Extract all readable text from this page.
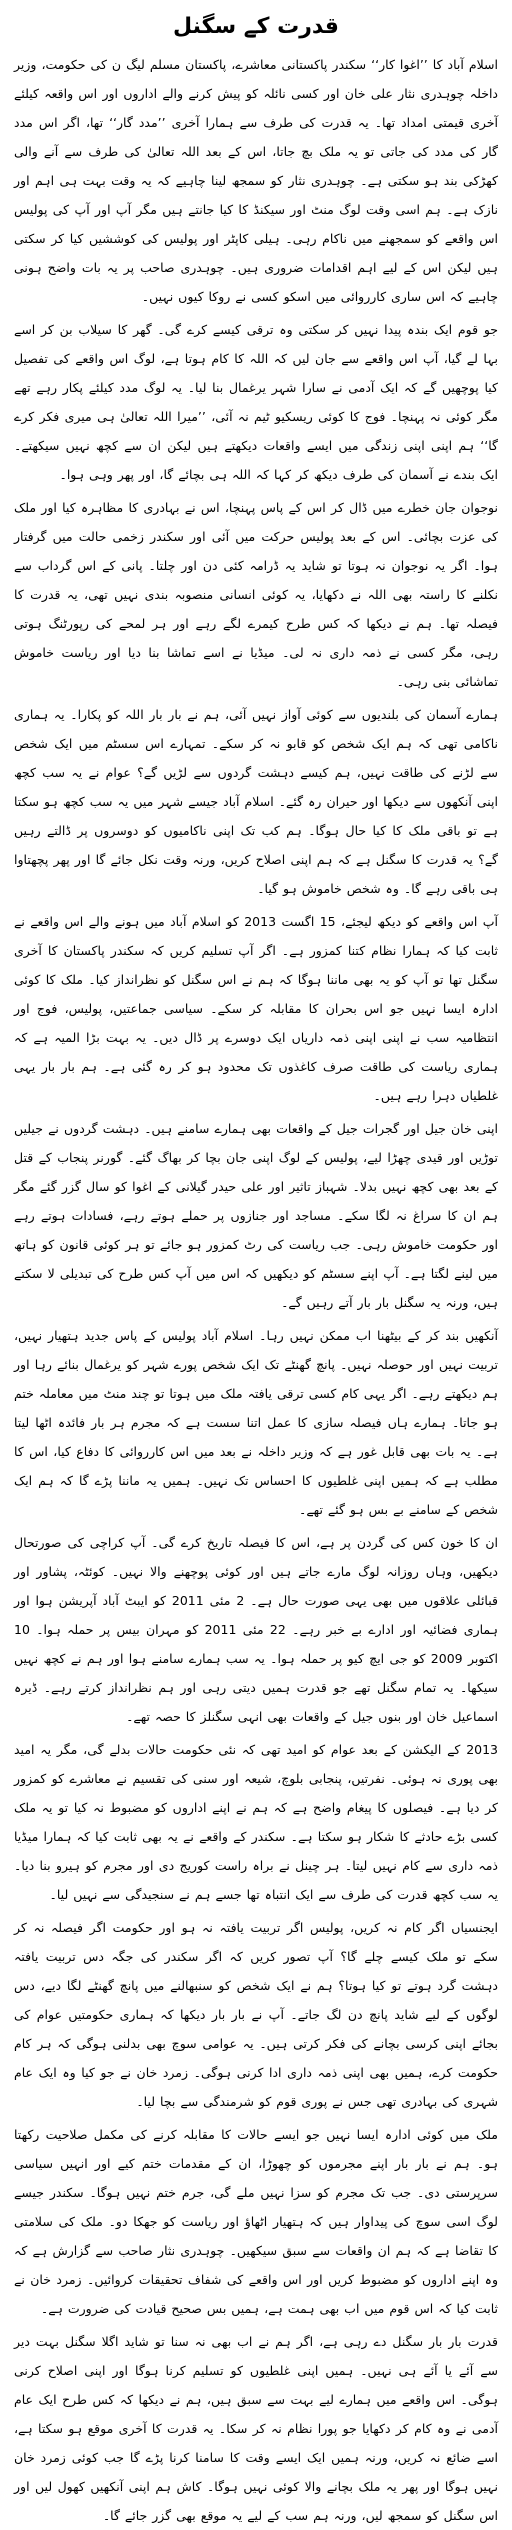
قدرت کے سگنل

اسلام آباد کا ’’اغوا کار‘‘ سکندر پاکستانی معاشرے، پاکستان مسلم لیگ ن کی حکومت، وزیر داخلہ چوہدری نثار علی خان اور کسی نائلہ کو پیش کرنے والے اداروں اور اس واقعہ کیلئے آخری قیمتی امداد تھا۔ یہ قدرت کی طرف سے ہمارا آخری ’’مدد گار‘‘ تھا، اگر اس مدد گار کی مدد کی جاتی تو یہ ملک بچ جاتا، اس کے بعد اللہ تعالیٰ کی طرف سے آنے والی کھڑکی بند ہو سکتی ہے۔ چوہدری نثار کو سمجھ لینا چاہیے کہ یہ وقت بہت ہی اہم اور نازک ہے۔ ہم اسی وقت لوگ منٹ اور سیکنڈ کا کیا جانتے ہیں مگر آپ اور آپ کی پولیس اس واقعے کو سمجھنے میں ناکام رہی۔ ہیلی کاپٹر اور پولیس کی کوششیں کیا کر سکتی ہیں لیکن اس کے لیے اہم اقدامات ضروری ہیں۔ چوہدری صاحب پر یہ بات واضح ہونی چاہیے کہ اس ساری کارروائی میں اسکو کسی نے روکا کیوں نہیں۔

جو قوم ایک بندہ پیدا نہیں کر سکتی وہ ترقی کیسے کرے گی۔ گھر کا سیلاب بن کر اسے بہا لے گیا، آپ اس واقعے سے جان لیں کہ اللہ کا کام ہوتا ہے، لوگ اس واقعے کی تفصیل کیا پوچھیں گے کہ ایک آدمی نے سارا شہر یرغمال بنا لیا۔ یہ لوگ مدد کیلئے پکار رہے تھے مگر کوئی نہ پہنچا۔ فوج کا کوئی ریسکیو ٹیم نہ آئی، ’’میرا اللہ تعالیٰ ہی میری فکر کرے گا‘‘ ہم اپنی اپنی زندگی میں ایسے واقعات دیکھتے ہیں لیکن ان سے کچھ نہیں سیکھتے۔ ایک بندے نے آسمان کی طرف دیکھ کر کہا کہ اللہ ہی بچائے گا، اور پھر وہی ہوا۔

نوجوان جان خطرے میں ڈال کر اس کے پاس پہنچا، اس نے بہادری کا مظاہرہ کیا اور ملک کی عزت بچائی۔ اس کے بعد پولیس حرکت میں آئی اور سکندر زخمی حالت میں گرفتار ہوا۔ اگر یہ نوجوان نہ ہوتا تو شاید یہ ڈرامہ کئی دن اور چلتا۔ پانی کے اس گرداب سے نکلنے کا راستہ بھی اللہ نے دکھایا، یہ کوئی انسانی منصوبہ بندی نہیں تھی، یہ قدرت کا فیصلہ تھا۔ ہم نے دیکھا کہ کس طرح کیمرے لگے رہے اور ہر لمحے کی رپورٹنگ ہوتی رہی، مگر کسی نے ذمہ داری نہ لی۔ میڈیا نے اسے تماشا بنا دیا اور ریاست خاموش تماشائی بنی رہی۔

ہمارے آسمان کی بلندیوں سے کوئی آواز نہیں آئی، ہم نے بار بار اللہ کو پکارا۔ یہ ہماری ناکامی تھی کہ ہم ایک شخص کو قابو نہ کر سکے۔ تمہارے اس سسٹم میں ایک شخص سے لڑنے کی طاقت نہیں، ہم کیسے دہشت گردوں سے لڑیں گے؟ عوام نے یہ سب کچھ اپنی آنکھوں سے دیکھا اور حیران رہ گئے۔ اسلام آباد جیسے شہر میں یہ سب کچھ ہو سکتا ہے تو باقی ملک کا کیا حال ہوگا۔ ہم کب تک اپنی ناکامیوں کو دوسروں پر ڈالتے رہیں گے؟ یہ قدرت کا سگنل ہے کہ ہم اپنی اصلاح کریں، ورنہ وقت نکل جائے گا اور پھر پچھتاوا ہی باقی رہے گا۔ وہ شخص خاموش ہو گیا۔

آپ اس واقعے کو دیکھ لیجئے، 15 اگست 2013 کو اسلام آباد میں ہونے والے اس واقعے نے ثابت کیا کہ ہمارا نظام کتنا کمزور ہے۔ اگر آپ تسلیم کریں کہ سکندر پاکستان کا آخری سگنل تھا تو آپ کو یہ بھی ماننا ہوگا کہ ہم نے اس سگنل کو نظرانداز کیا۔ ملک کا کوئی ادارہ ایسا نہیں جو اس بحران کا مقابلہ کر سکے۔ سیاسی جماعتیں، پولیس، فوج اور انتظامیہ سب نے اپنی اپنی ذمہ داریاں ایک دوسرے پر ڈال دیں۔ یہ بہت بڑا المیہ ہے کہ ہماری ریاست کی طاقت صرف کاغذوں تک محدود ہو کر رہ گئی ہے۔ ہم بار بار یہی غلطیاں دہرا رہے ہیں۔

اپنی خان جیل اور گجرات جیل کے واقعات بھی ہمارے سامنے ہیں۔ دہشت گردوں نے جیلیں توڑیں اور قیدی چھڑا لیے، پولیس کے لوگ اپنی جان بچا کر بھاگ گئے۔ گورنر پنجاب کے قتل کے بعد بھی کچھ نہیں بدلا۔ شہباز تاثیر اور علی حیدر گیلانی کے اغوا کو سال گزر گئے مگر ہم ان کا سراغ نہ لگا سکے۔ مساجد اور جنازوں پر حملے ہوتے رہے، فسادات ہوتے رہے اور حکومت خاموش رہی۔ جب ریاست کی رٹ کمزور ہو جائے تو ہر کوئی قانون کو ہاتھ میں لینے لگتا ہے۔ آپ اپنے سسٹم کو دیکھیں کہ اس میں آپ کس طرح کی تبدیلی لا سکتے ہیں، ورنہ یہ سگنل بار بار آتے رہیں گے۔

آنکھیں بند کر کے بیٹھنا اب ممکن نہیں رہا۔ اسلام آباد پولیس کے پاس جدید ہتھیار نہیں، تربیت نہیں اور حوصلہ نہیں۔ پانچ گھنٹے تک ایک شخص پورے شہر کو یرغمال بنائے رہا اور ہم دیکھتے رہے۔ اگر یہی کام کسی ترقی یافتہ ملک میں ہوتا تو چند منٹ میں معاملہ ختم ہو جاتا۔ ہمارے ہاں فیصلہ سازی کا عمل اتنا سست ہے کہ مجرم ہر بار فائدہ اٹھا لیتا ہے۔ یہ بات بھی قابل غور ہے کہ وزیر داخلہ نے بعد میں اس کارروائی کا دفاع کیا، اس کا مطلب ہے کہ ہمیں اپنی غلطیوں کا احساس تک نہیں۔ ہمیں یہ ماننا پڑے گا کہ ہم ایک شخص کے سامنے بے بس ہو گئے تھے۔

ان کا خون کس کی گردن پر ہے، اس کا فیصلہ تاریخ کرے گی۔ آپ کراچی کی صورتحال دیکھیں، وہاں روزانہ لوگ مارے جاتے ہیں اور کوئی پوچھنے والا نہیں۔ کوئٹہ، پشاور اور قبائلی علاقوں میں بھی یہی صورت حال ہے۔ 2 مئی 2011 کو ایبٹ آباد آپریشن ہوا اور ہماری فضائیہ اور ادارے بے خبر رہے۔ 22 مئی 2011 کو مہران بیس پر حملہ ہوا۔ 10 اکتوبر 2009 کو جی ایچ کیو پر حملہ ہوا۔ یہ سب ہمارے سامنے ہوا اور ہم نے کچھ نہیں سیکھا۔ یہ تمام سگنل تھے جو قدرت ہمیں دیتی رہی اور ہم نظرانداز کرتے رہے۔ ڈیرہ اسماعیل خان اور بنوں جیل کے واقعات بھی انہی سگنلز کا حصہ تھے۔

2013 کے الیکشن کے بعد عوام کو امید تھی کہ نئی حکومت حالات بدلے گی، مگر یہ امید بھی پوری نہ ہوئی۔ نفرتیں، پنجابی بلوچ، شیعہ اور سنی کی تقسیم نے معاشرے کو کمزور کر دیا ہے۔ فیصلوں کا پیغام واضح ہے کہ ہم نے اپنے اداروں کو مضبوط نہ کیا تو یہ ملک کسی بڑے حادثے کا شکار ہو سکتا ہے۔ سکندر کے واقعے نے یہ بھی ثابت کیا کہ ہمارا میڈیا ذمہ داری سے کام نہیں لیتا۔ ہر چینل نے براہ راست کوریج دی اور مجرم کو ہیرو بنا دیا۔ یہ سب کچھ قدرت کی طرف سے ایک انتباہ تھا جسے ہم نے سنجیدگی سے نہیں لیا۔

ایجنسیاں اگر کام نہ کریں، پولیس اگر تربیت یافتہ نہ ہو اور حکومت اگر فیصلہ نہ کر سکے تو ملک کیسے چلے گا؟ آپ تصور کریں کہ اگر سکندر کی جگہ دس تربیت یافتہ دہشت گرد ہوتے تو کیا ہوتا؟ ہم نے ایک شخص کو سنبھالنے میں پانچ گھنٹے لگا دیے، دس لوگوں کے لیے شاید پانچ دن لگ جاتے۔ آپ نے بار بار دیکھا کہ ہماری حکومتیں عوام کی بجائے اپنی کرسی بچانے کی فکر کرتی ہیں۔ یہ عوامی سوچ بھی بدلنی ہوگی کہ ہر کام حکومت کرے، ہمیں بھی اپنی ذمہ داری ادا کرنی ہوگی۔ زمرد خان نے جو کیا وہ ایک عام شہری کی بہادری تھی جس نے پوری قوم کو شرمندگی سے بچا لیا۔

ملک میں کوئی ادارہ ایسا نہیں جو ایسے حالات کا مقابلہ کرنے کی مکمل صلاحیت رکھتا ہو۔ ہم نے بار بار اپنے مجرموں کو چھوڑا، ان کے مقدمات ختم کیے اور انہیں سیاسی سرپرستی دی۔ جب تک مجرم کو سزا نہیں ملے گی، جرم ختم نہیں ہوگا۔ سکندر جیسے لوگ اسی سوچ کی پیداوار ہیں کہ ہتھیار اٹھاؤ اور ریاست کو جھکا دو۔ ملک کی سلامتی کا تقاضا ہے کہ ہم ان واقعات سے سبق سیکھیں۔ چوہدری نثار صاحب سے گزارش ہے کہ وہ اپنے اداروں کو مضبوط کریں اور اس واقعے کی شفاف تحقیقات کروائیں۔ زمرد خان نے ثابت کیا کہ اس قوم میں اب بھی ہمت ہے، ہمیں بس صحیح قیادت کی ضرورت ہے۔

قدرت بار بار سگنل دے رہی ہے، اگر ہم نے اب بھی نہ سنا تو شاید اگلا سگنل بہت دیر سے آئے یا آئے ہی نہیں۔ ہمیں اپنی غلطیوں کو تسلیم کرنا ہوگا اور اپنی اصلاح کرنی ہوگی۔ اس واقعے میں ہمارے لیے بہت سے سبق ہیں، ہم نے دیکھا کہ کس طرح ایک عام آدمی نے وہ کام کر دکھایا جو پورا نظام نہ کر سکا۔ یہ قدرت کا آخری موقع ہو سکتا ہے، اسے ضائع نہ کریں، ورنہ ہمیں ایک ایسے وقت کا سامنا کرنا پڑے گا جب کوئی زمرد خان نہیں ہوگا اور پھر یہ ملک بچانے والا کوئی نہیں ہوگا۔ کاش ہم اپنی آنکھیں کھول لیں اور اس سگنل کو سمجھ لیں، ورنہ ہم سب کے لیے یہ موقع بھی گزر جائے گا۔
